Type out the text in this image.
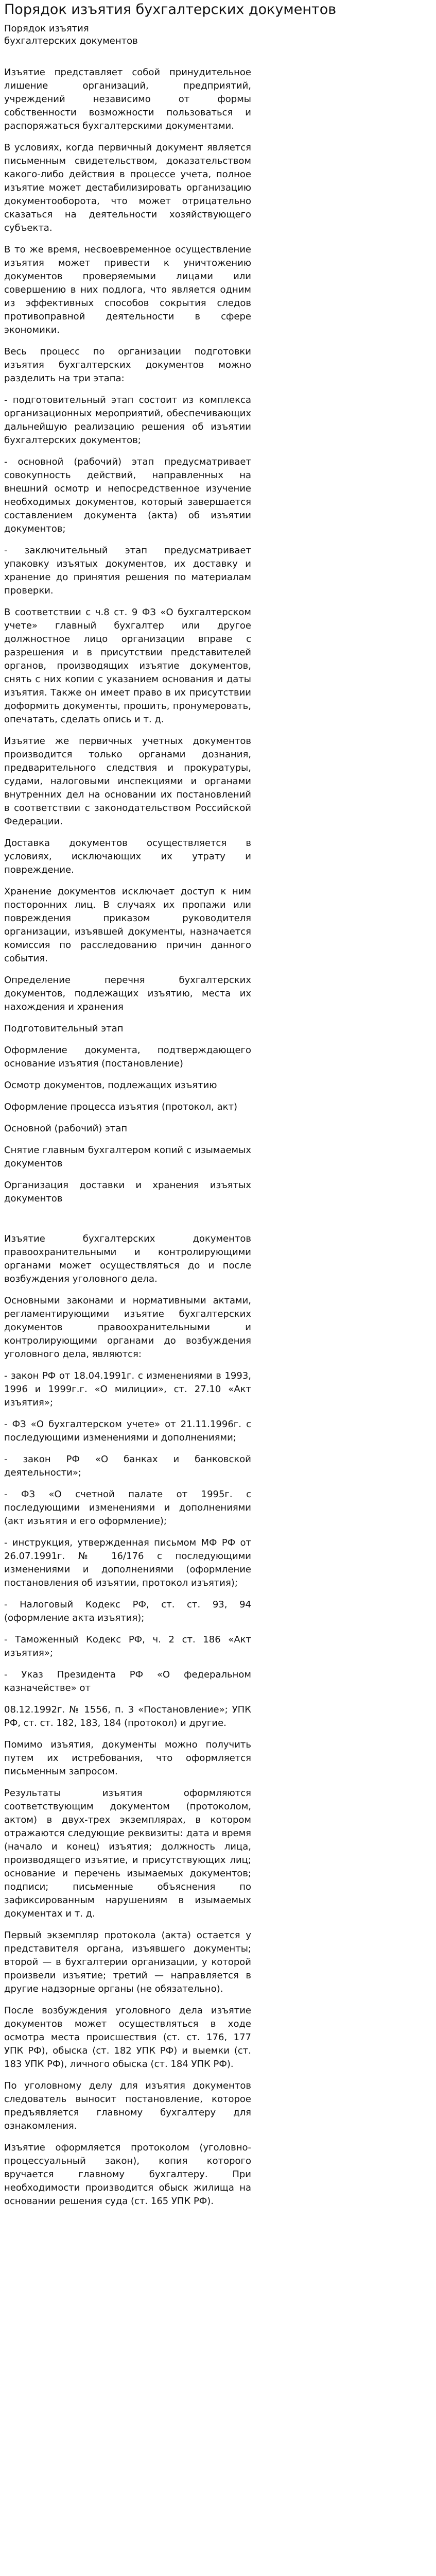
Порядок изъятия бухгалтерских документов

Порядок изъятия бухгалтерских документов

Изъятие представляет собой принудительное лишение организаций, предприятий, учреждений независимо от формы собственности возможности пользоваться и распоряжаться бухгалтерскими документами.

В условиях, когда первичный документ является письменным свидетельством, доказательством какого-либо действия в процессе учета, полное изъятие может дестабилизировать организацию документооборота, что может отрицательно сказаться на деятельности хозяйствующего субъекта.

В то же время, несвоевременное осуществление изъятия может привести к уничтожению документов проверяемыми лицами или совершению в них подлога, что является одним из эффективных способов сокрытия следов противоправной деятельности в сфере экономики.

Весь процесс по организации подготовки изъятия бухгалтерских документов можно разделить на три этапа:

- подготовительный этап состоит из комплекса организационных мероприятий, обеспечивающих дальнейшую реализацию решения об изъятии бухгалтерских документов;

- основной (рабочий) этап предусматривает совокупность действий, направленных на внешний осмотр и непосредственное изучение необходимых документов, который завершается составлением документа (акта) об изъятии документов;

- заключительный этап предусматривает упаковку изъятых документов, их доставку и хранение до принятия решения по материалам проверки.

В соответствии с ч.8 ст. 9 ФЗ «О бухгалтерском учете» главный бухгалтер или другое должностное лицо организации вправе с разрешения и в присутствии представителей органов, производящих изъятие документов, снять с них копии с указанием основания и даты изъятия. Также он имеет право в их присутствии доформить документы, прошить, пронумеровать, опечатать, сделать опись и т. д.

Изъятие же первичных учетных документов производится только органами дознания, предварительного следствия и прокуратуры, судами, налоговыми инспекциями и органами внутренних дел на основании их постановлений в соответствии с законодательством Российской Федерации.

Доставка документов осуществляется в условиях, исключающих их утрату и повреждение.

Хранение документов исключает доступ к ним посторонних лиц. В случаях их пропажи или повреждения приказом руководителя организации, изъявшей документы, назначается комиссия по расследованию причин данного события.

Определение перечня бухгалтерских документов, подлежащих изъятию, места их нахождения и хранения

Подготовительный этап

Оформление документа, подтверждающего основание изъятия (постановление)

Осмотр документов, подлежащих изъятию

Оформление процесса изъятия (протокол, акт)

Основной (рабочий) этап

Снятие главным бухгалтером копий с изымаемых документов

Организация доставки и хранения изъятых документов

Изъятие бухгалтерских документов правоохранительными и контролирующими органами может осуществляться до и после возбуждения уголовного дела.

Основными законами и нормативными актами, регламентирующими изъятие бухгалтерских документов правоохранительными и контролирующими органами до возбуждения уголовного дела, являются:

- закон РФ от 18.04.1991г. с изменениями в 1993, 1996 и 1999г.г. «О милиции», ст. 27.10 «Акт изъятия»;

- ФЗ «О бухгалтерском учете» от 21.11.1996г. с последующими изменениями и дополнениями;

- закон РФ «О банках и банковской деятельности»;

- ФЗ «О счетной палате от 1995г. с последующими изменениями и дополнениями (акт изъятия и его оформление);

- инструкция, утвержденная письмом МФ РФ от 26.07.1991г. № 16/176 с последующими изменениями и дополнениями (оформление постановления об изъятии, протокол изъятия);

- Налоговый Кодекс РФ, ст. ст. 93, 94 (оформление акта изъятия);

- Таможенный Кодекс РФ, ч. 2 ст. 186 «Акт изъятия»;

- Указ Президента РФ «О федеральном казначействе» от

08.12.1992г. № 1556, п. 3 «Постановление»; УПК РФ, ст. ст. 182, 183, 184 (протокол) и другие.

Помимо изъятия, документы можно получить путем их истребования, что оформляется письменным запросом.

Результаты изъятия оформляются соответствующим документом (протоколом, актом) в двух-трех экземплярах, в котором отражаются следующие реквизиты: дата и время (начало и конец) изъятия; должность лица, производящего изъятие, и присутствующих лиц; основание и перечень изымаемых документов; подписи; письменные объяснения по зафиксированным нарушениям в изымаемых документах и т. д.

Первый экземпляр протокола (акта) остается у представителя органа, изъявшего документы; второй — в бухгалтерии организации, у которой произвели изъятие; третий — направляется в другие надзорные органы (не обязательно).

После возбуждения уголовного дела изъятие документов может осуществляться в ходе осмотра места происшествия (ст. ст. 176, 177 УПК РФ), обыска (ст. 182 УПК РФ) и выемки (ст. 183 УПК РФ), личного обыска (ст. 184 УПК РФ).

По уголовному делу для изъятия документов следователь выносит постановление, которое предъявляется главному бухгалтеру для ознакомления.

Изъятие оформляется протоколом (уголовно-процессуальный закон), копия которого вручается главному бухгалтеру. При необходимости производится обыск жилища на основании решения суда (ст. 165 УПК РФ).
